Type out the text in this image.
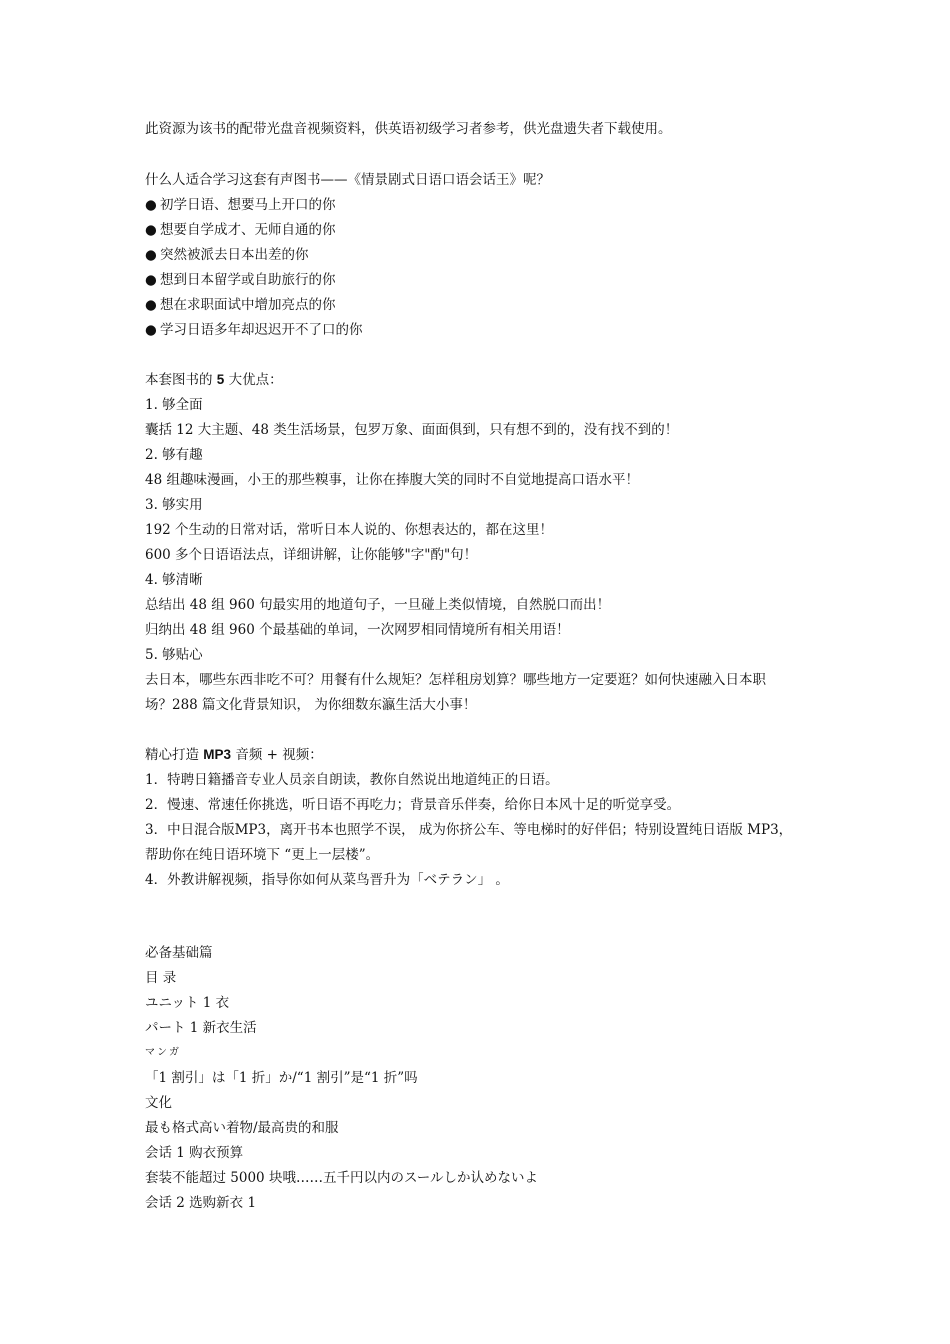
此资源为该书的配带光盘音视频资料，供英语初级学习者参考，供光盘遗失者下载使用。
什么人适合学习这套有声图书——《情景剧式日语口语会话王》呢？
● 初学日语、想要马上开口的你
● 想要自学成才、无师自通的你
● 突然被派去日本出差的你
● 想到日本留学或自助旅行的你
● 想在求职面试中增加亮点的你
● 学习日语多年却迟迟开不了口的你
本套图书的 5 大优点：
1. 够全面
囊括 12 大主题、48 类生活场景，包罗万象、面面俱到，只有想不到的，没有找不到的！
2. 够有趣
48 组趣味漫画，小王的那些糗事，让你在捧腹大笑的同时不自觉地提高口语水平！
3. 够实用
192 个生动的日常对话，常听日本人说的、你想表达的，都在这里！
600 多个日语语法点，详细讲解，让你能够"字"酌"句！
4. 够清晰
总结出 48 组 960 句最实用的地道句子，一旦碰上类似情境，自然脱口而出！
归纳出 48 组 960 个最基础的单词，一次网罗相同情境所有相关用语！
5. 够贴心
去日本，哪些东西非吃不可？用餐有什么规矩？怎样租房划算？哪些地方一定要逛？如何快速融入日本职
场？288 篇文化背景知识， 为你细数东瀛生活大小事！
精心打造 MP3 音频 + 视频：
1．特聘日籍播音专业人员亲自朗读，教你自然说出地道纯正的日语。
2．慢速、常速任你挑选，听日语不再吃力；背景音乐伴奏，给你日本风十足的听觉享受。
3．中日混合版MP3，离开书本也照学不误， 成为你挤公车、等电梯时的好伴侣；特别设置纯日语版 MP3，
帮助你在纯日语环境下 “更上一层楼”。
4．外教讲解视频，指导你如何从菜鸟晋升为「ベテラン」 。
必备基础篇
目 录
ユニット 1 衣
パート 1 新衣生活
マンガ
「1 割引」は「1 折」か/“1 割引”是“1 折”吗
文化
最も格式高い着物/最高贵的和服
会话 1 购衣预算
套装不能超过 5000 块哦……五千円以内のスールしか认めないよ
会话 2 选购新衣 1
